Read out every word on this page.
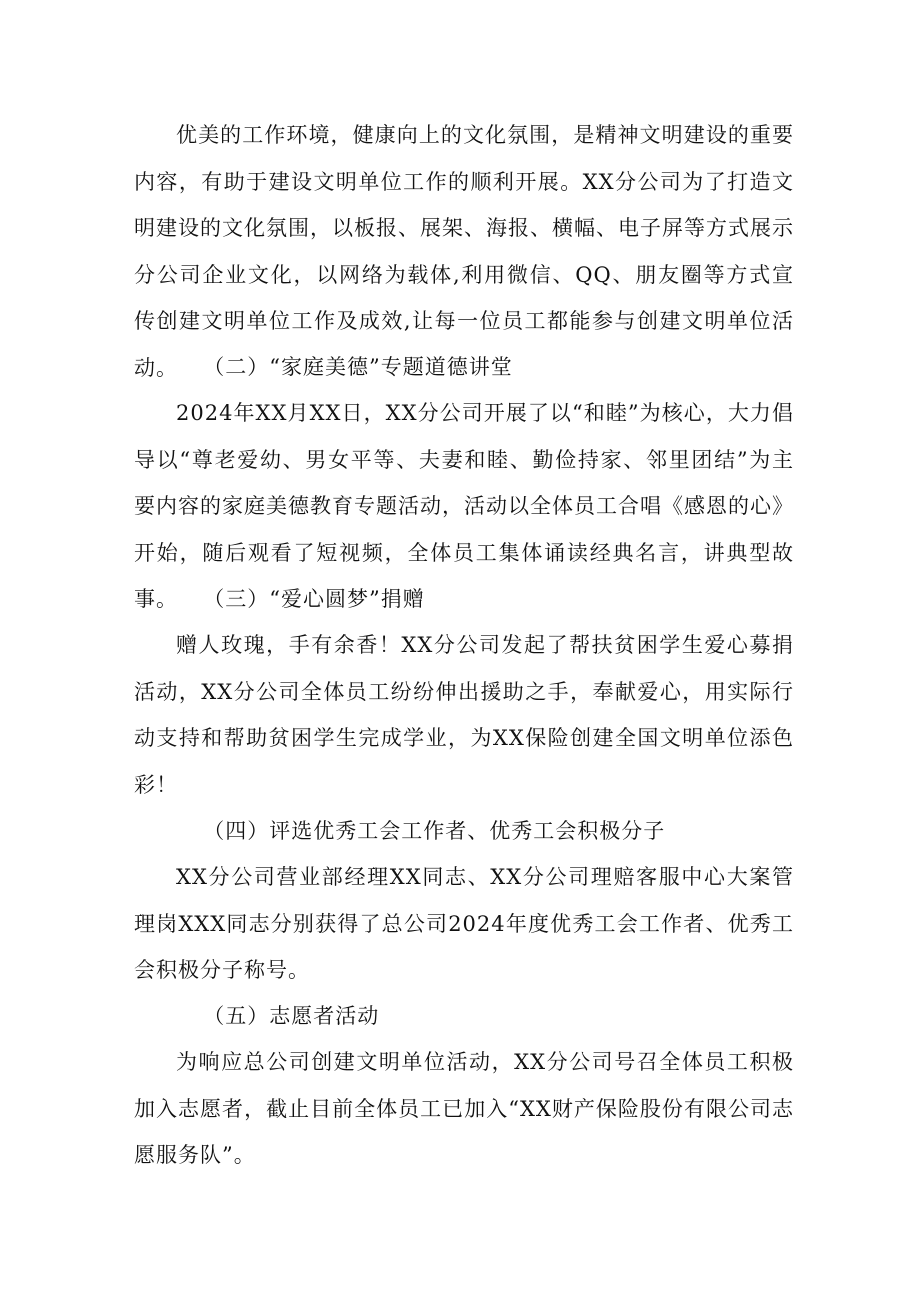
优美的工作环境，健康向上的文化氛围，是精神文明建设的重要内容，有助于建设文明单位工作的顺利开展。XX分公司为了打造文明建设的文化氛围，以板报、展架、海报、横幅、电子屏等方式展示分公司企业文化，以网络为载体,利用微信、QQ、朋友圈等方式宣传创建文明单位工作及成效,让每一位员工都能参与创建文明单位活动。	（二）“家庭美德”专题道德讲堂

2024年XX月XX日，XX分公司开展了以“和睦”为核心，大力倡导以“尊老爱幼、男女平等、夫妻和睦、勤俭持家、邻里团结”为主要内容的家庭美德教育专题活动，活动以全体员工合唱《感恩的心》开始，随后观看了短视频，全体员工集体诵读经典名言，讲典型故事。	（三）“爱心圆梦”捐赠

赠人玫瑰，手有余香！XX分公司发起了帮扶贫困学生爱心募捐活动，XX分公司全体员工纷纷伸出援助之手，奉献爱心，用实际行动支持和帮助贫困学生完成学业，为XX保险创建全国文明单位添色彩！

（四）评选优秀工会工作者、优秀工会积极分子

XX分公司营业部经理XX同志、XX分公司理赔客服中心大案管理岗XXX同志分别获得了总公司2024年度优秀工会工作者、优秀工会积极分子称号。

（五）志愿者活动

为响应总公司创建文明单位活动，XX分公司号召全体员工积极加入志愿者，截止目前全体员工已加入“XX财产保险股份有限公司志愿服务队”。
